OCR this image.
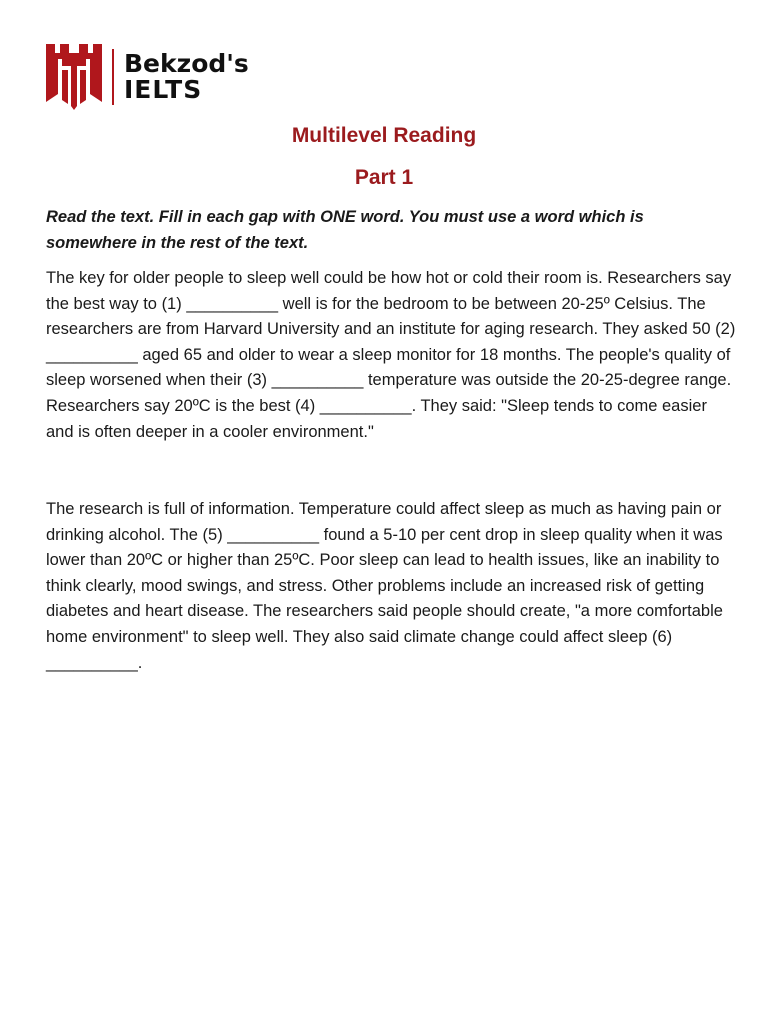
Bekzod's
IELTS
Multilevel Reading
Part 1

Read the text. Fill in each gap with ONE word. You must use a word which is somewhere in the rest of the text.

The key for older people to sleep well could be how hot or cold their room is. Researchers say the best way to (1) __________ well is for the bedroom to be between 20-25º Celsius. The researchers are from Harvard University and an institute for aging research. They asked 50 (2) __________ aged 65 and older to wear a sleep monitor for 18 months. The people's quality of sleep worsened when their (3) __________ temperature was outside the 20-25-degree range. Researchers say 20ºC is the best (4) __________. They said: "Sleep tends to come easier and is often deeper in a cooler environment."

The research is full of information. Temperature could affect sleep as much as having pain or drinking alcohol. The (5) __________ found a 5-10 per cent drop in sleep quality when it was lower than 20ºC or higher than 25ºC. Poor sleep can lead to health issues, like an inability to think clearly, mood swings, and stress. Other problems include an increased risk of getting diabetes and heart disease. The researchers said people should create, "a more comfortable home environment" to sleep well. They also said climate change could affect sleep (6) __________.
